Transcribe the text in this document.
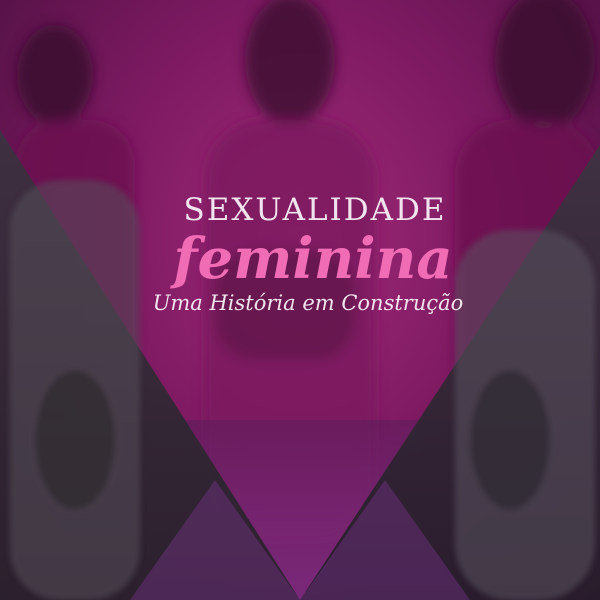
SEXUALIDADE
feminina
Uma História em Construção
